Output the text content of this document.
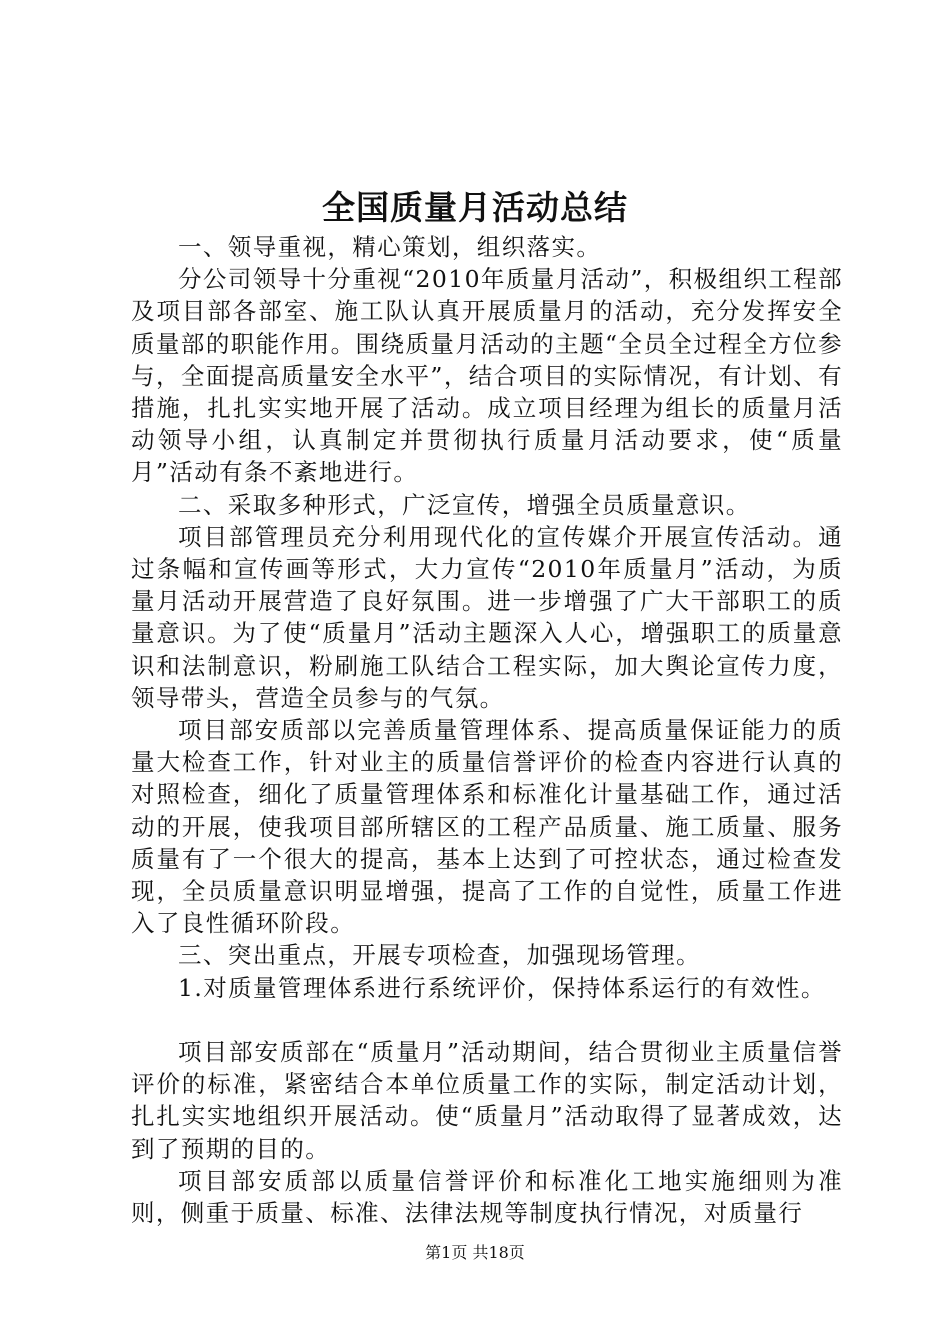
全国质量月活动总结

一、领导重视，精心策划，组织落实。

分公司领导十分重视“2010年质量月活动”，积极组织工程部及项目部各部室、施工队认真开展质量月的活动，充分发挥安全质量部的职能作用。围绕质量月活动的主题“全员全过程全方位参与，全面提高质量安全水平”，结合项目的实际情况，有计划、有措施，扎扎实实地开展了活动。成立项目经理为组长的质量月活动领导小组，认真制定并贯彻执行质量月活动要求，使“质量月”活动有条不紊地进行。

二、采取多种形式，广泛宣传，增强全员质量意识。

项目部管理员充分利用现代化的宣传媒介开展宣传活动。通过条幅和宣传画等形式，大力宣传“2010年质量月”活动，为质量月活动开展营造了良好氛围。进一步增强了广大干部职工的质量意识。为了使“质量月”活动主题深入人心，增强职工的质量意识和法制意识，粉刷施工队结合工程实际，加大舆论宣传力度，领导带头，营造全员参与的气氛。

项目部安质部以完善质量管理体系、提高质量保证能力的质量大检查工作，针对业主的质量信誉评价的检查内容进行认真的对照检查，细化了质量管理体系和标准化计量基础工作，通过活动的开展，使我项目部所辖区的工程产品质量、施工质量、服务质量有了一个很大的提高，基本上达到了可控状态，通过检查发现，全员质量意识明显增强，提高了工作的自觉性，质量工作进入了良性循环阶段。

三、突出重点，开展专项检查，加强现场管理。

1.对质量管理体系进行系统评价，保持体系运行的有效性。

项目部安质部在“质量月”活动期间，结合贯彻业主质量信誉评价的标准，紧密结合本单位质量工作的实际，制定活动计划，扎扎实实地组织开展活动。使“质量月”活动取得了显著成效，达到了预期的目的。

项目部安质部以质量信誉评价和标准化工地实施细则为准则，侧重于质量、标准、法律法规等制度执行情况，对质量行

第1页 共18页
